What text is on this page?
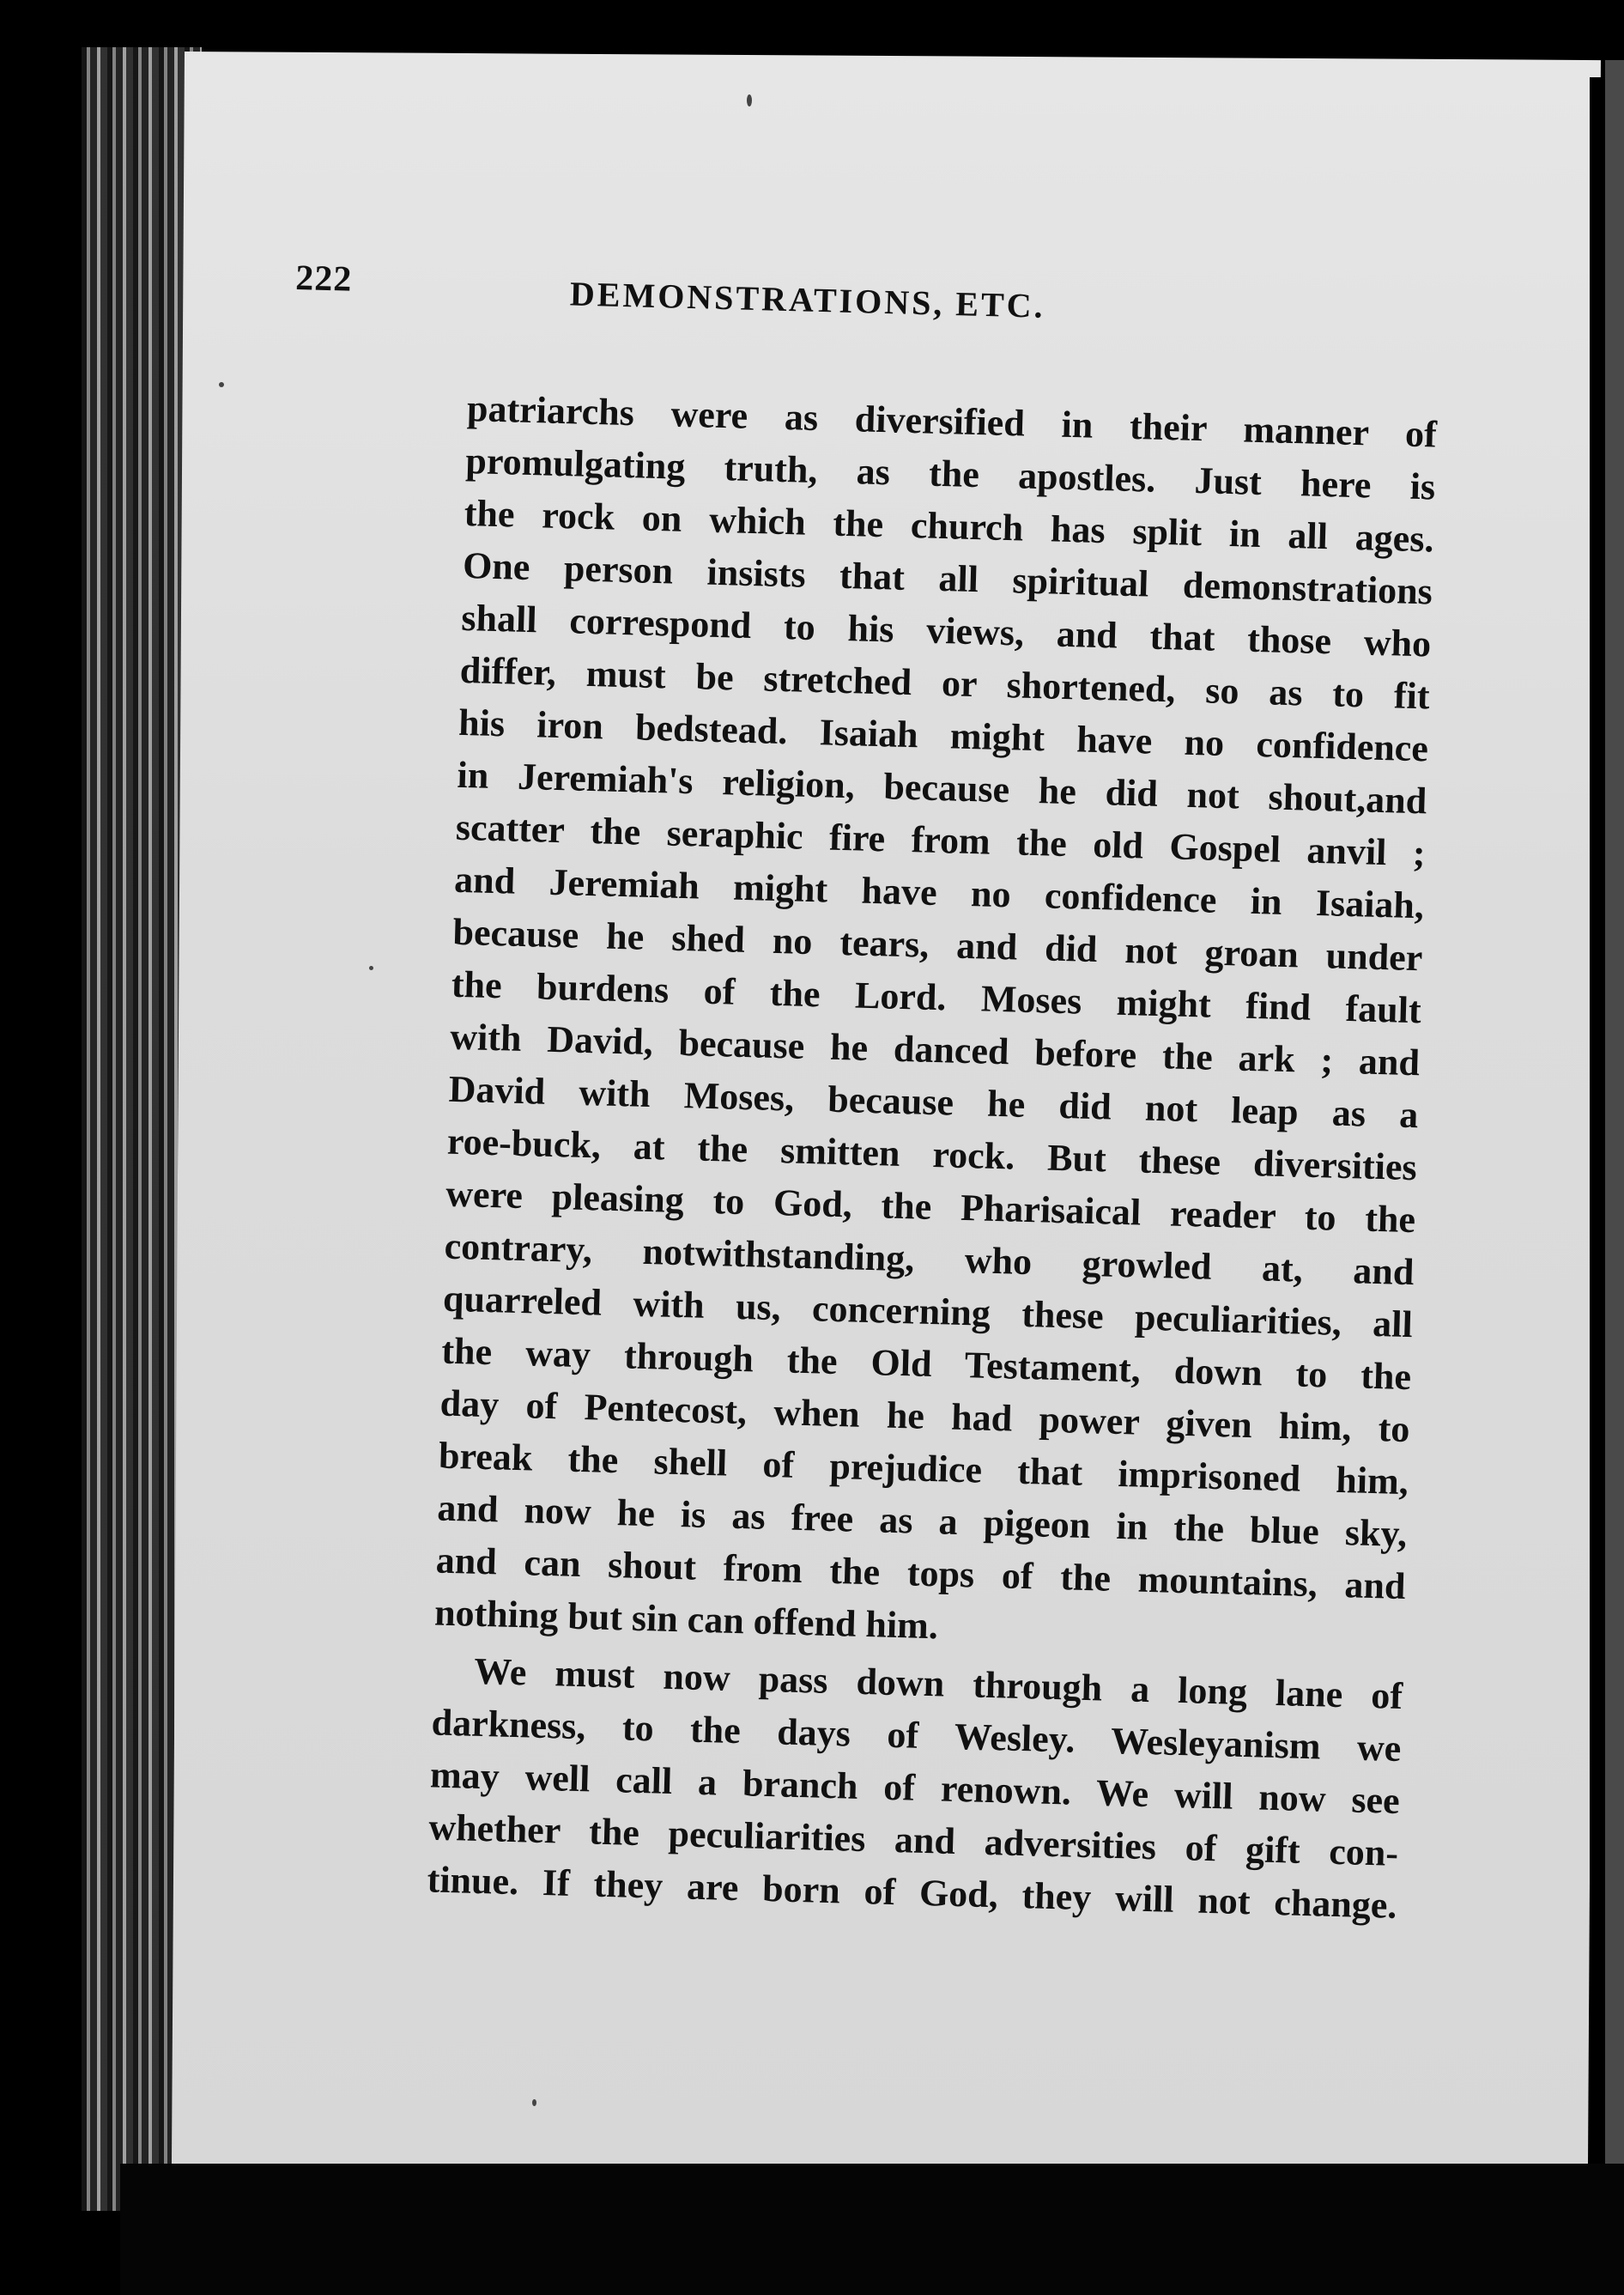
222	DEMONSTRATIONS, ETC.
patriarchs were as diversified in their manner of
promulgating truth, as the apostles. Just here is
the rock on which the church has split in all ages.
One person insists that all spiritual demonstrations
shall correspond to his views, and that those who
differ, must be stretched or shortened, so as to fit
his iron bedstead. Isaiah might have no confidence
in Jeremiah's religion, because he did not shout,and
scatter the seraphic fire from the old Gospel anvil ;
and Jeremiah might have no confidence in Isaiah,
because he shed no tears, and did not groan under
the burdens of the Lord. Moses might find fault
with David, because he danced before the ark ; and
David with Moses, because he did not leap as a
roe-buck, at the smitten rock. But these diversities
were pleasing to God, the Pharisaical reader to the
contrary, notwithstanding, who growled at, and
quarreled with us, concerning these peculiarities, all
the way through the Old Testament, down to the
day of Pentecost, when he had power given him, to
break the shell of prejudice that imprisoned him,
and now he is as free as a pigeon in the blue sky,
and can shout from the tops of the mountains, and
nothing but sin can offend him.
We must now pass down through a long lane of
darkness, to the days of Wesley. Wesleyanism we
may well call a branch of renown. We will now see
whether the peculiarities and adversities of gift con-
tinue. If they are born of God, they will not change.
